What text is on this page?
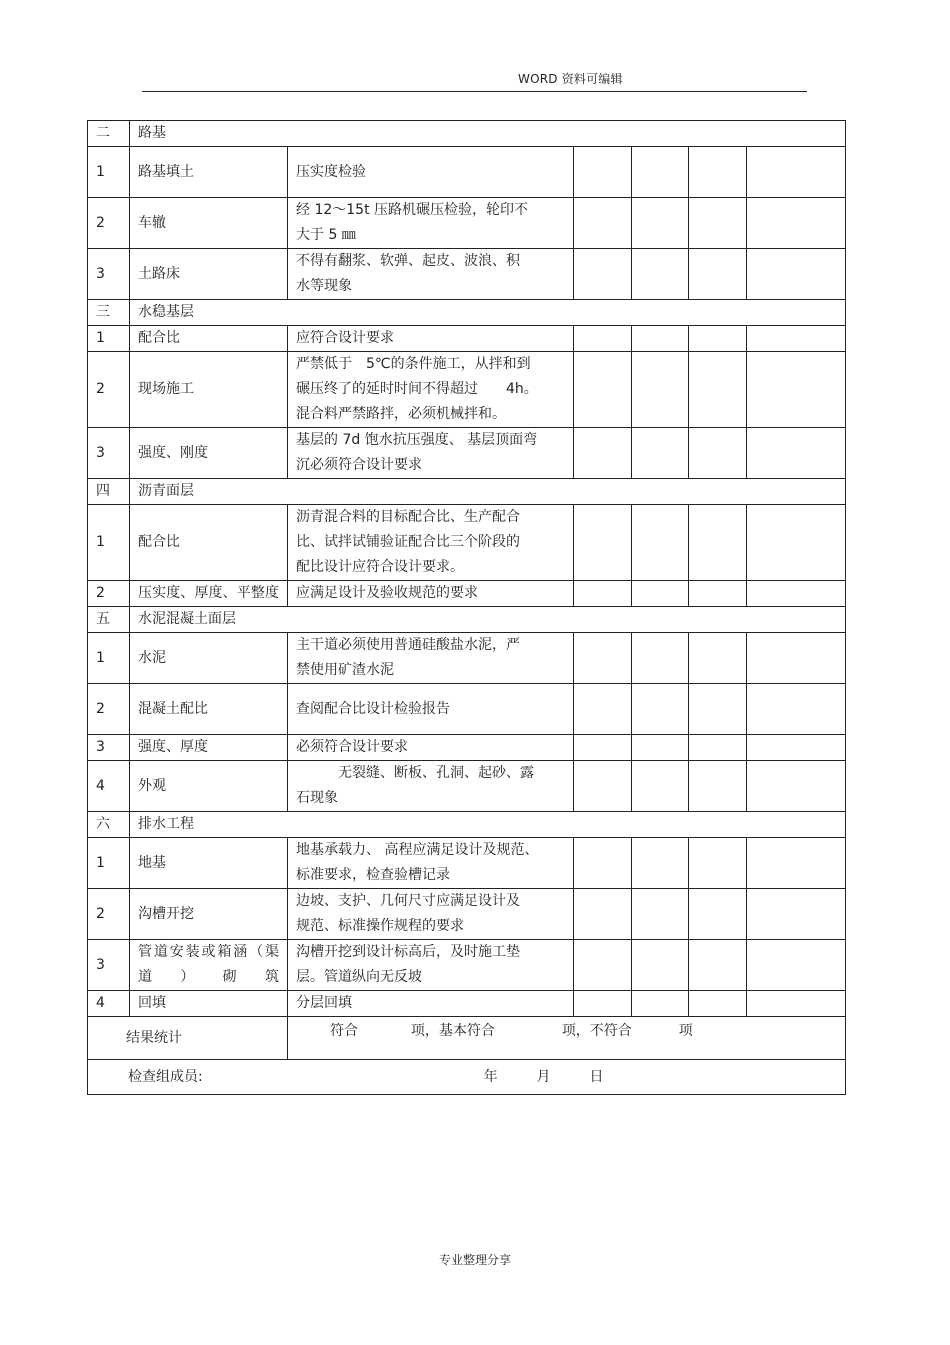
WORD 资料可编辑
二	路基					
1	路基填土	压实度检验				

2	车辙	经 12～15t 压路机碾压检验，轮印不
大于 5 ㎜				

3	土路床	不得有翻浆、软弹、起皮、波浪、积
水等现象				

三	水稳基层					
1	配合比	应符合设计要求				

2	现场施工	严禁低于　5℃的条件施工，从拌和到
碾压终了的延时时间不得超过　　4h。
混合料严禁路拌，必须机械拌和。				

3	强度、刚度	基层的 7d 饱水抗压强度、 基层顶面弯
沉必须符合设计要求				

四	沥青面层					
1	配合比	沥青混合料的目标配合比、生产配合
比、试拌试铺验证配合比三个阶段的
配比设计应符合设计要求。				

2	压实度、厚度、平整度	应满足设计及验收规范的要求				

五	水泥混凝土面层					
1	水泥	主干道必须使用普通硅酸盐水泥，严
禁使用矿渣水泥				

2	混凝土配比	查阅配合比设计检验报告				

3	强度、厚度	必须符合设计要求				

4	外观	　　　无裂缝、断板、孔洞、起砂、露
石现象				

六	排水工程					
1	地基	地基承载力、 高程应满足设计及规范、
标准要求，检查验槽记录				

2	沟槽开挖	边坡、支护、几何尺寸应满足设计及
规范、标准操作规程的要求				

3	管道安装或箱涵（渠道）砌筑	沟槽开挖到设计标高后，及时施工垫
层。管道纵向无反坡				

4	回填	分层回填				

结果统计		符合 项，基本符合 项，不符合 项				
检查组成员: 年 月 日						
专业整理分享
